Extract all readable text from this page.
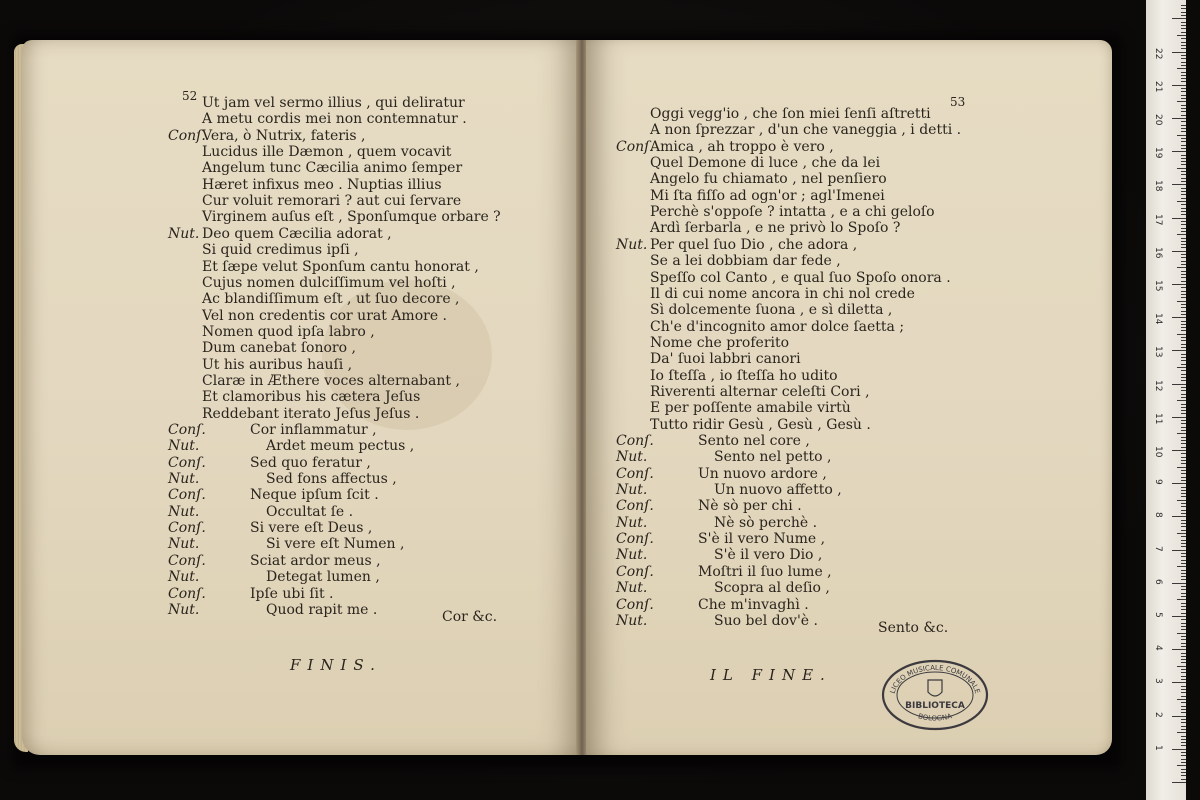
52 Ut jam vel sermo illius , qui deliratur
A metu cordis mei non contemnatur .
Conſ.
Vera, ò Nutrix, fateris ,
Lucidus ille Dæmon , quem vocavit
Angelum tunc Cæcilia animo ſemper
Hæret infixus meo . Nuptias illius
Cur voluit remorari ? aut cui ſervare
Virginem auſus eſt , Sponſumque orbare ?
Nut. Deo quem Cæcilia adorat ,
Si quid credimus ipſi ,
Et ſæpe velut Sponſum cantu honorat ,
Cujus nomen dulciſſimum vel hoſti ,
Ac blandiſſimum eſt , ut ſuo decore ,
Vel non credentis cor urat Amore .
Nomen quod ipſa labro ,
Dum canebat ſonoro ,
Ut his auribus hauſi ,
Claræ in Æthere voces alternabant ,
Et clamoribus his cætera Jeſus
Reddebant iterato Jeſus Jeſus .
Conſ.	Cor inflammatur ,
Nut.	Ardet meum pectus ,
Conſ.	Sed quo feratur ,
Nut.	Sed fons affectus ,
Conſ.	Neque ipſum ſcit .
Nut.	Occultat ſe .
Conſ.	Si vere eſt Deus ,
Nut.	Si vere eſt Numen ,
Conſ.	Sciat ardor meus ,
Nut.	Detegat lumen ,
Conſ.	Ipſe ubi ſit .
Nut.	Quod rapit me .	Cor &c.
FINIS.
53
Oggi vegg'io , che ſon miei ſenſi aſtretti
A non ſprezzar , d'un che vaneggia , i detti .
Conſ.
Amica , ah troppo è vero ,
Quel Demone di luce , che da lei
Angelo fu chiamato , nel penſiero
Mi ſta fiſſo ad ogn'or ; agl'Imenei
Perchè s'oppoſe ? intatta , e a chi geloſo
Ardì ſerbarla , e ne privò lo Spoſo ?
Nut. Per quel ſuo Dio , che adora ,
Se a lei dobbiam dar fede ,
Speſſo col Canto , e qual ſuo Spoſo onora .
Il di cui nome ancora in chi nol crede
Sì dolcemente ſuona , e sì diletta ,
Ch'e d'incognito amor dolce ſaetta ;
Nome che proferito
Da' ſuoi labbri canori
Io ſteſſa , io ſteſſa ho udito
Riverenti alternar celeſti Cori ,
E per poſſente amabile virtù
Tutto ridir Gesù , Gesù , Gesù .
Conſ.	Sento nel core ,
Nut.	Sento nel petto ,
Conſ.	Un nuovo ardore ,
Nut.	Un nuovo affetto ,
Conſ.	Nè sò per chi .
Nut.	Nè sò perchè .
Conſ.	S'è il vero Nume ,
Nut.	S'è il vero Dio ,
Conſ.	Moſtri il ſuo lume ,
Nut.	Scopra al deſio ,
Conſ.	Che m'invaghì .
Nut.	Suo bel dov'è .	Sento &c.
IL FINE.
LICEO MUSICALE COMUNALE
BIBLIOTECA
BOLOGNA
1
2
3
4
5
6
7
8
9
10
11
12
13
14
15
16
17
18
19
20
21
22
